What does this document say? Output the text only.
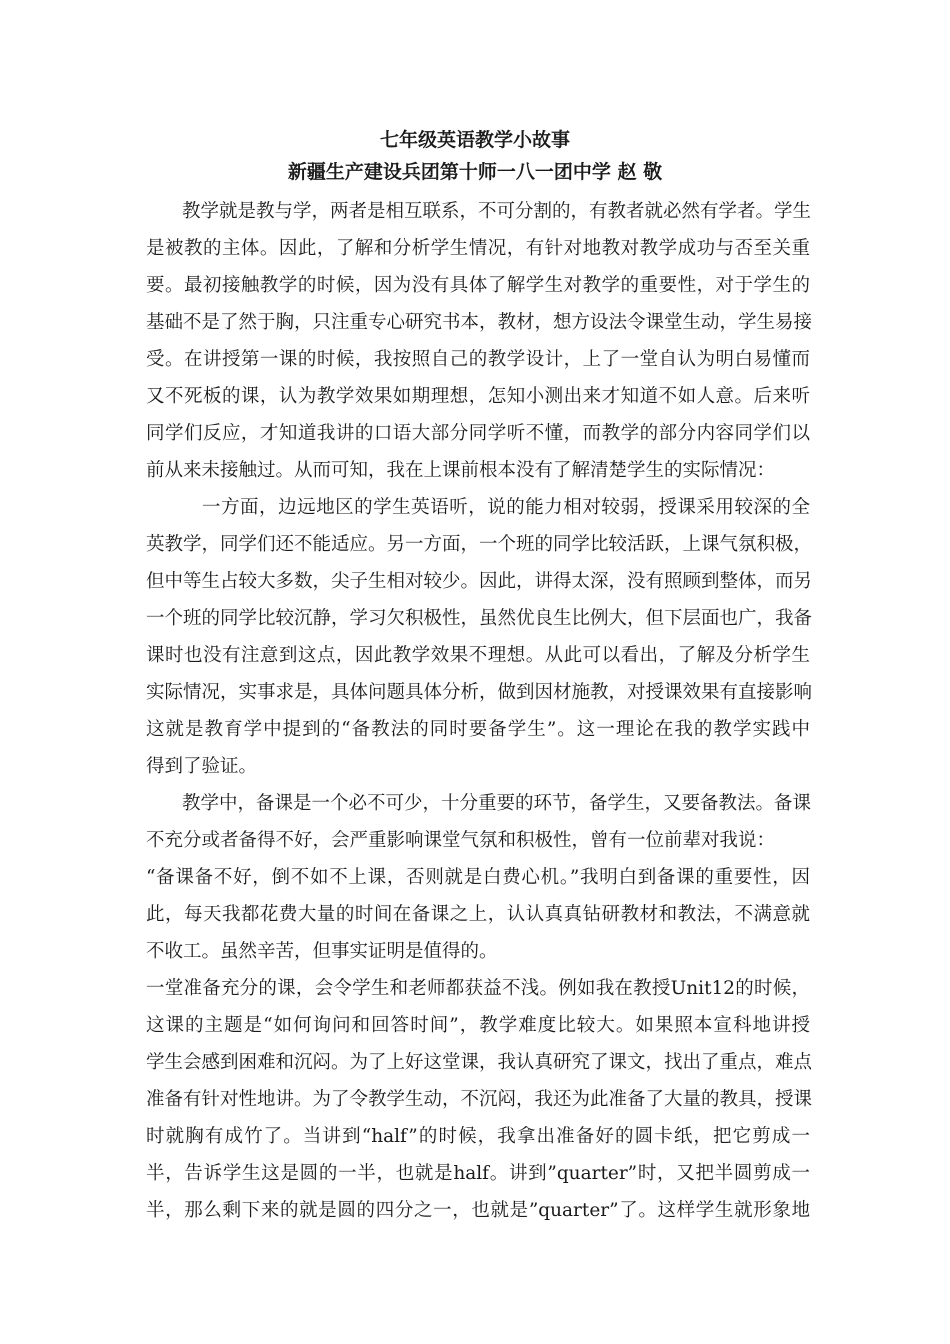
七年级英语教学小故事
新疆生产建设兵团第十师一八一团中学 赵 敬
教学就是教与学，两者是相互联系，不可分割的，有教者就必然有学者。学生
是被教的主体。因此，了解和分析学生情况，有针对地教对教学成功与否至关重
要。最初接触教学的时候，因为没有具体了解学生对教学的重要性，对于学生的
基础不是了然于胸，只注重专心研究书本，教材，想方设法令课堂生动，学生易接
受。在讲授第一课的时候，我按照自己的教学设计，上了一堂自认为明白易懂而
又不死板的课，认为教学效果如期理想，怎知小测出来才知道不如人意。后来听
同学们反应，才知道我讲的口语大部分同学听不懂，而教学的部分内容同学们以
前从来未接触过。从而可知，我在上课前根本没有了解清楚学生的实际情况：
一方面，边远地区的学生英语听，说的能力相对较弱，授课采用较深的全
英教学，同学们还不能适应。另一方面，一个班的同学比较活跃，上课气氛积极，
但中等生占较大多数，尖子生相对较少。因此，讲得太深，没有照顾到整体，而另
一个班的同学比较沉静，学习欠积极性，虽然优良生比例大，但下层面也广，我备
课时也没有注意到这点，因此教学效果不理想。从此可以看出，了解及分析学生
实际情况，实事求是，具体问题具体分析，做到因材施教，对授课效果有直接影响
这就是教育学中提到的“备教法的同时要备学生”。这一理论在我的教学实践中
得到了验证。
教学中，备课是一个必不可少，十分重要的环节，备学生，又要备教法。备课
不充分或者备得不好，会严重影响课堂气氛和积极性，曾有一位前辈对我说：
“备课备不好，倒不如不上课，否则就是白费心机。”我明白到备课的重要性，因
此，每天我都花费大量的时间在备课之上，认认真真钻研教材和教法，不满意就
不收工。虽然辛苦，但事实证明是值得的。
一堂准备充分的课，会令学生和老师都获益不浅。例如我在教授Unit12的时候，
这课的主题是“如何询问和回答时间”，教学难度比较大。如果照本宣科地讲授
学生会感到困难和沉闷。为了上好这堂课，我认真研究了课文，找出了重点，难点
准备有针对性地讲。为了令教学生动，不沉闷，我还为此准备了大量的教具，授课
时就胸有成竹了。当讲到“half”的时候，我拿出准备好的圆卡纸，把它剪成一
半，告诉学生这是圆的一半，也就是half。讲到”quarter”时，又把半圆剪成一
半，那么剩下来的就是圆的四分之一，也就是”quarter”了。这样学生就形象地
